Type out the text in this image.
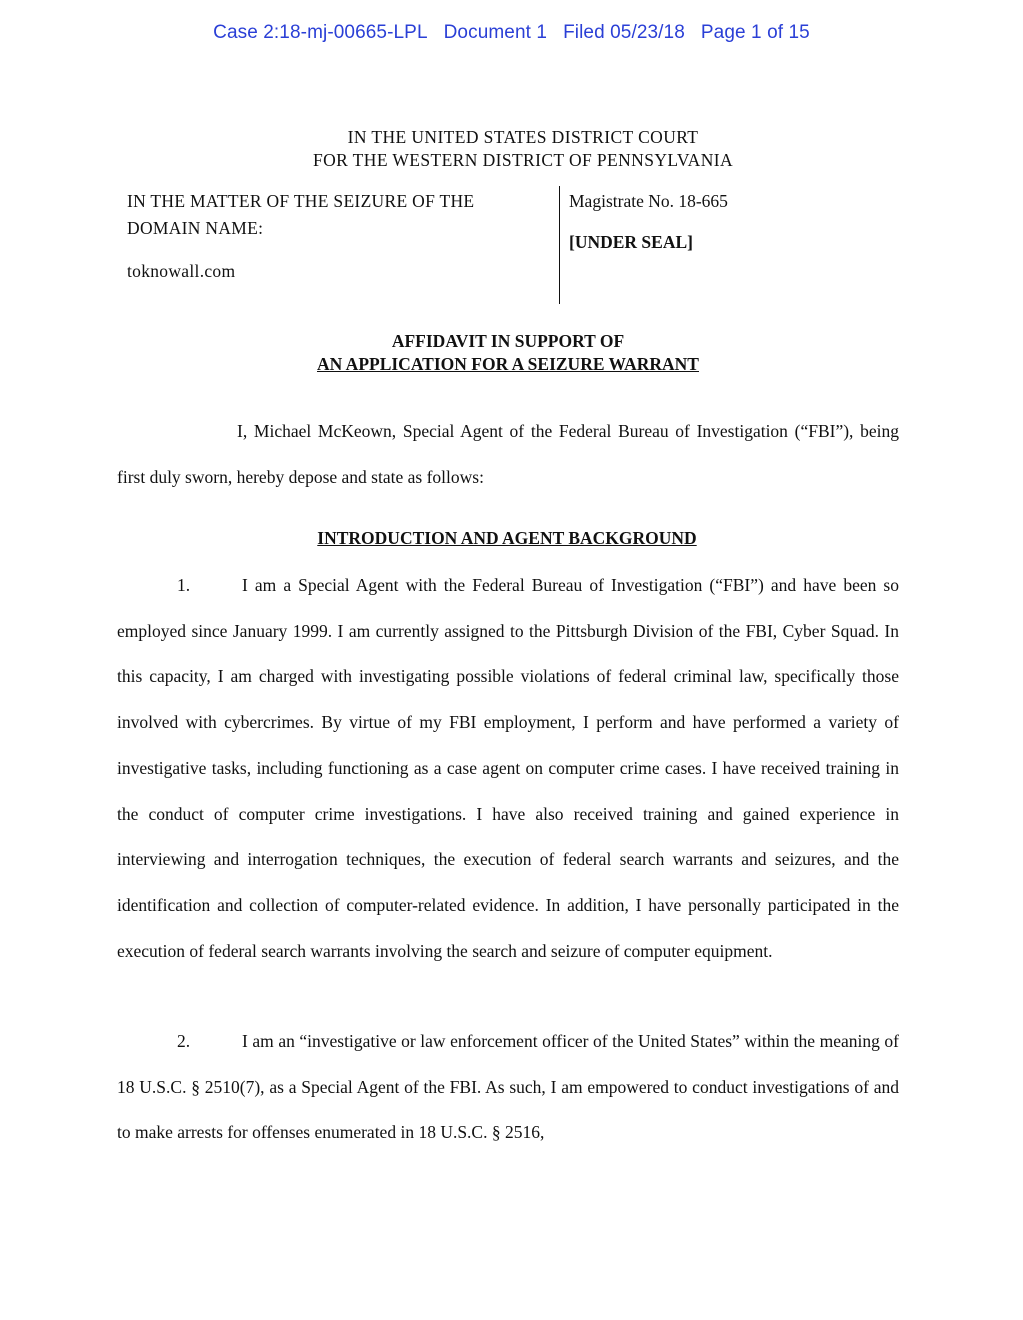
Case 2:18-mj-00665-LPL Document 1 Filed 05/23/18 Page 1 of 15
IN THE UNITED STATES DISTRICT COURT
FOR THE WESTERN DISTRICT OF PENNSYLVANIA
IN THE MATTER OF THE SEIZURE OF THE
DOMAIN NAME:
toknowall.com
Magistrate No. 18-665
[UNDER SEAL]
AFFIDAVIT IN SUPPORT OF
AN APPLICATION FOR A SEIZURE WARRANT
I, Michael McKeown, Special Agent of the Federal Bureau of Investigation (“FBI”), being first duly sworn, hereby depose and state as follows:
INTRODUCTION AND AGENT BACKGROUND
1.	I am a Special Agent with the Federal Bureau of Investigation (“FBI”) and have been so employed since January 1999. I am currently assigned to the Pittsburgh Division of the FBI, Cyber Squad. In this capacity, I am charged with investigating possible violations of federal criminal law, specifically those involved with cybercrimes. By virtue of my FBI employment, I perform and have performed a variety of investigative tasks, including functioning as a case agent on computer crime cases. I have received training in the conduct of computer crime investigations. I have also received training and gained experience in interviewing and interrogation techniques, the execution of federal search warrants and seizures, and the identification and collection of computer-related evidence. In addition, I have personally participated in the execution of federal search warrants involving the search and seizure of computer equipment.
2.	I am an “investigative or law enforcement officer of the United States” within the meaning of 18 U.S.C. § 2510(7), as a Special Agent of the FBI. As such, I am empowered to conduct investigations of and to make arrests for offenses enumerated in 18 U.S.C. § 2516,
